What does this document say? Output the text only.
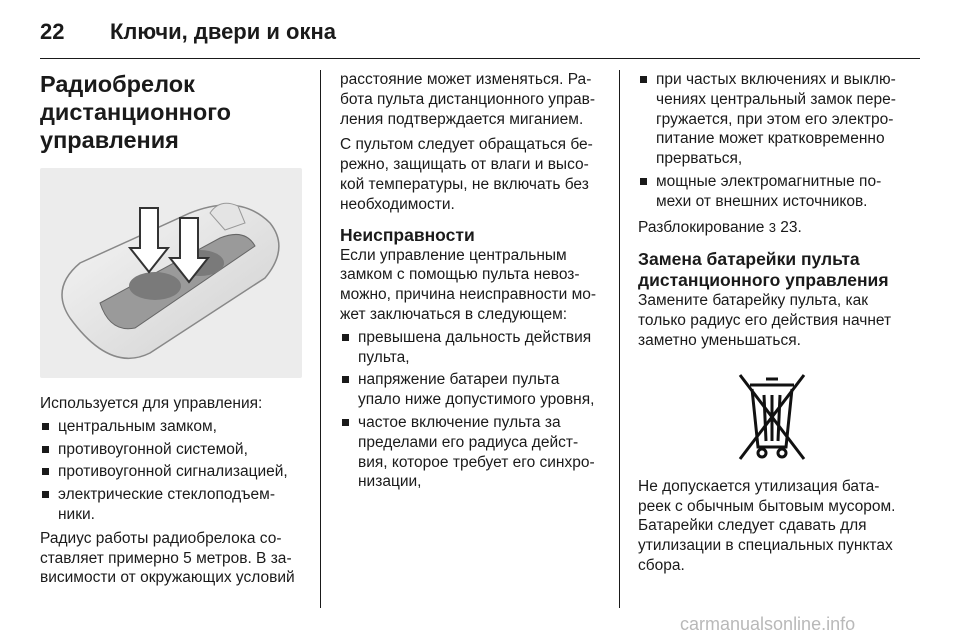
22	Ключи, двери и окна
Радиобрелок дистанционного управления

Используется для управления:

центральным замком,
противоугонной системой,
противоугонной сигнализацией,
электрические стеклоподъемники.

Радиус работы радиобрелока составляет примерно 5 метров. В зависимости от окружающих условий

расстояние может изменяться. Работа пульта дистанционного управления подтверждается миганием.

С пультом следует обращаться бережно, защищать от влаги и высокой температуры, не включать без необходимости.

Неисправности

Если управление центральным замком с помощью пульта невозможно, причина неисправности может заключаться в следующем:

превышена дальность действия пульта,
напряжение батареи пульта упало ниже допустимого уровня,
частое включение пульта за пределами его радиуса действия, которое требует его синхронизации,
при частых включениях и выключениях центральный замок перегружается, при этом его электропитание может кратковременно прерваться,
мощные электромагнитные помехи от внешних источников.

Разблокирование 3 23.

Замена батарейки пульта дистанционного управления

Замените батарейку пульта, как только радиус его действия начнет заметно уменьшаться.

Не допускается утилизация батареек с обычным бытовым мусором. Батарейки следует сдавать для утилизации в специальных пунктах сбора.

carmanualsonline.info
